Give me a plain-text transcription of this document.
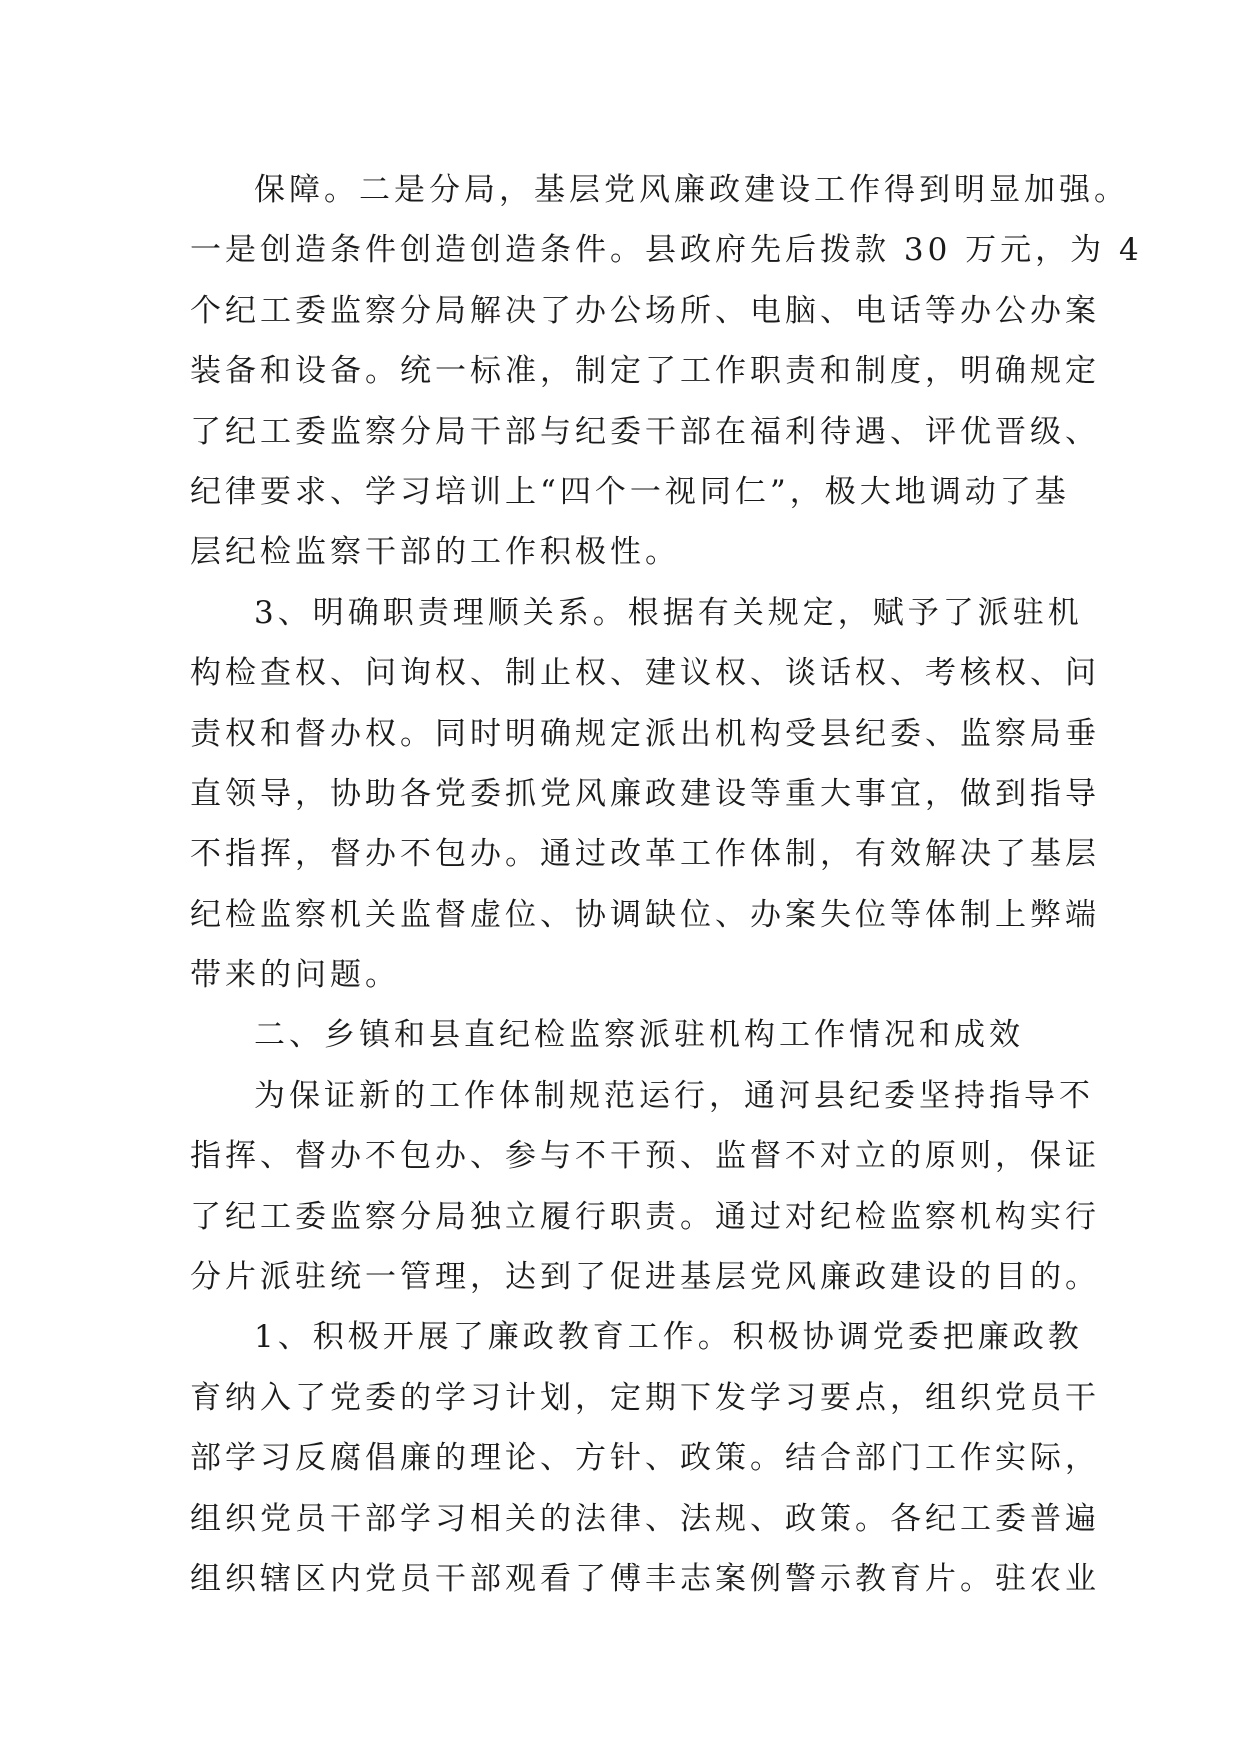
保障。二是分局，基层党风廉政建设工作得到明显加强。
一是创造条件创造创造条件。县政府先后拨款 30 万元，为 4
个纪工委监察分局解决了办公场所、电脑、电话等办公办案
装备和设备。统一标准，制定了工作职责和制度，明确规定
了纪工委监察分局干部与纪委干部在福利待遇、评优晋级、
纪律要求、学习培训上“四个一视同仁”，极大地调动了基
层纪检监察干部的工作积极性。
3、明确职责理顺关系。根据有关规定，赋予了派驻机
构检查权、问询权、制止权、建议权、谈话权、考核权、问
责权和督办权。同时明确规定派出机构受县纪委、监察局垂
直领导，协助各党委抓党风廉政建设等重大事宜，做到指导
不指挥，督办不包办。通过改革工作体制，有效解决了基层
纪检监察机关监督虚位、协调缺位、办案失位等体制上弊端
带来的问题。
二、乡镇和县直纪检监察派驻机构工作情况和成效
为保证新的工作体制规范运行，通河县纪委坚持指导不
指挥、督办不包办、参与不干预、监督不对立的原则，保证
了纪工委监察分局独立履行职责。通过对纪检监察机构实行
分片派驻统一管理，达到了促进基层党风廉政建设的目的。
1、积极开展了廉政教育工作。积极协调党委把廉政教
育纳入了党委的学习计划，定期下发学习要点，组织党员干
部学习反腐倡廉的理论、方针、政策。结合部门工作实际，
组织党员干部学习相关的法律、法规、政策。各纪工委普遍
组织辖区内党员干部观看了傅丰志案例警示教育片。驻农业
